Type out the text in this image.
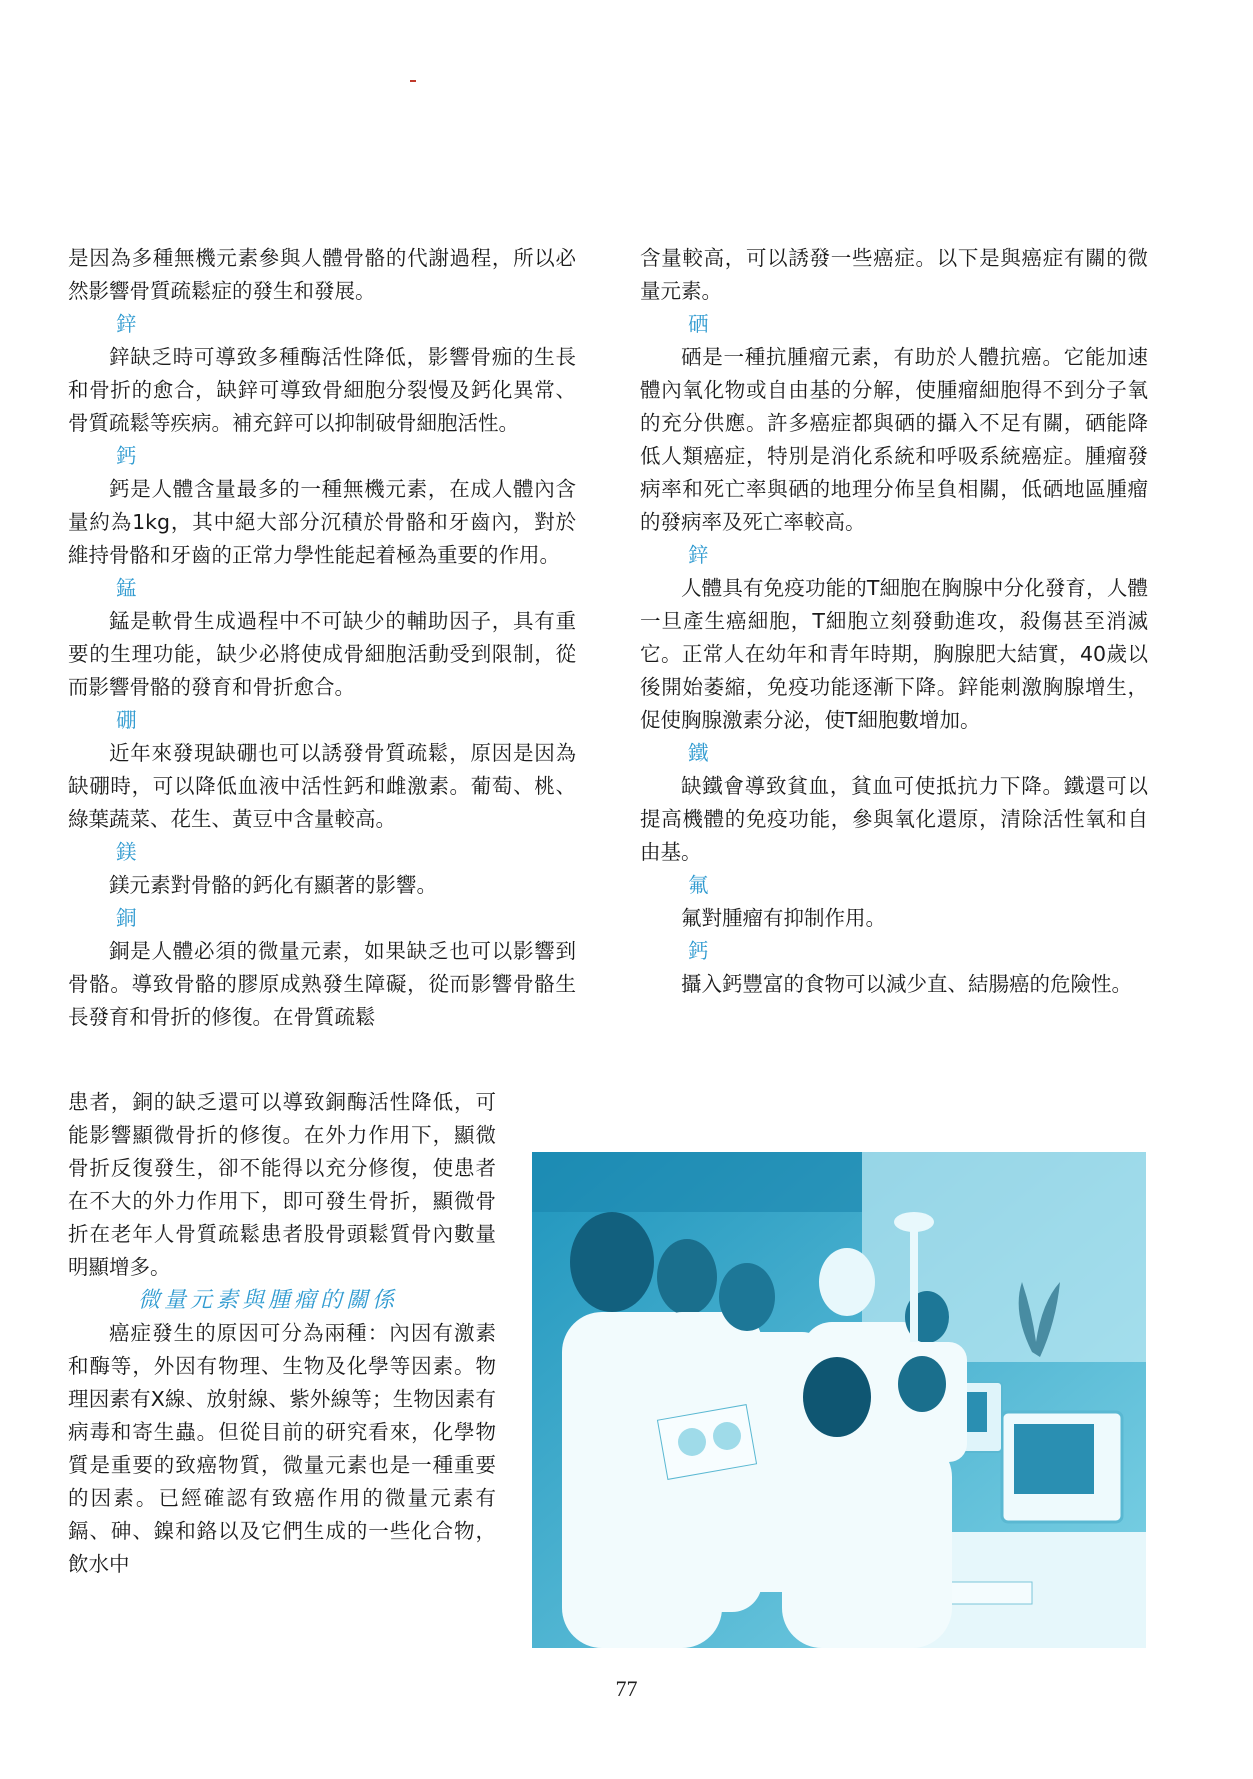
是因為多種無機元素參與人體骨骼的代謝過程，所以必然影響骨質疏鬆症的發生和發展。

鋅

鋅缺乏時可導致多種酶活性降低，影響骨痂的生長和骨折的愈合，缺鋅可導致骨細胞分裂慢及鈣化異常、骨質疏鬆等疾病。補充鋅可以抑制破骨細胞活性。

鈣

鈣是人體含量最多的一種無機元素，在成人體內含量約為1kg，其中絕大部分沉積於骨骼和牙齒內，對於維持骨骼和牙齒的正常力學性能起着極為重要的作用。

錳

錳是軟骨生成過程中不可缺少的輔助因子，具有重要的生理功能，缺少必將使成骨細胞活動受到限制，從而影響骨骼的發育和骨折愈合。

硼

近年來發現缺硼也可以誘發骨質疏鬆，原因是因為缺硼時，可以降低血液中活性鈣和雌激素。葡萄、桃、綠葉蔬菜、花生、黃豆中含量較高。

鎂

鎂元素對骨骼的鈣化有顯著的影響。

銅

銅是人體必須的微量元素，如果缺乏也可以影響到骨骼。導致骨骼的膠原成熟發生障礙，從而影響骨骼生長發育和骨折的修復。在骨質疏鬆

患者，銅的缺乏還可以導致銅酶活性降低，可能影響顯微骨折的修復。在外力作用下，顯微骨折反復發生，卻不能得以充分修復，使患者在不大的外力作用下，即可發生骨折，顯微骨折在老年人骨質疏鬆患者股骨頭鬆質骨內數量明顯增多。

微量元素與腫瘤的關係

癌症發生的原因可分為兩種：內因有激素和酶等，外因有物理、生物及化學等因素。物理因素有X線、放射線、紫外線等；生物因素有病毒和寄生蟲。但從目前的研究看來，化學物質是重要的致癌物質，微量元素也是一種重要的因素。已經確認有致癌作用的微量元素有鎘、砷、鎳和鉻以及它們生成的一些化合物，飲水中

含量較高，可以誘發一些癌症。以下是與癌症有關的微量元素。

硒

硒是一種抗腫瘤元素，有助於人體抗癌。它能加速體內氧化物或自由基的分解，使腫瘤細胞得不到分子氧的充分供應。許多癌症都與硒的攝入不足有關，硒能降低人類癌症，特別是消化系統和呼吸系統癌症。腫瘤發病率和死亡率與硒的地理分佈呈負相關，低硒地區腫瘤的發病率及死亡率較高。

鋅

人體具有免疫功能的T細胞在胸腺中分化發育，人體一旦產生癌細胞，T細胞立刻發動進攻，殺傷甚至消滅它。正常人在幼年和青年時期，胸腺肥大結實，40歲以後開始萎縮，免疫功能逐漸下降。鋅能刺激胸腺增生，促使胸腺激素分泌，使T細胞數增加。

鐵

缺鐵會導致貧血，貧血可使抵抗力下降。鐵還可以提高機體的免疫功能，參與氧化還原，清除活性氧和自由基。

氟

氟對腫瘤有抑制作用。

鈣

攝入鈣豐富的食物可以減少直、結腸癌的危險性。

77
